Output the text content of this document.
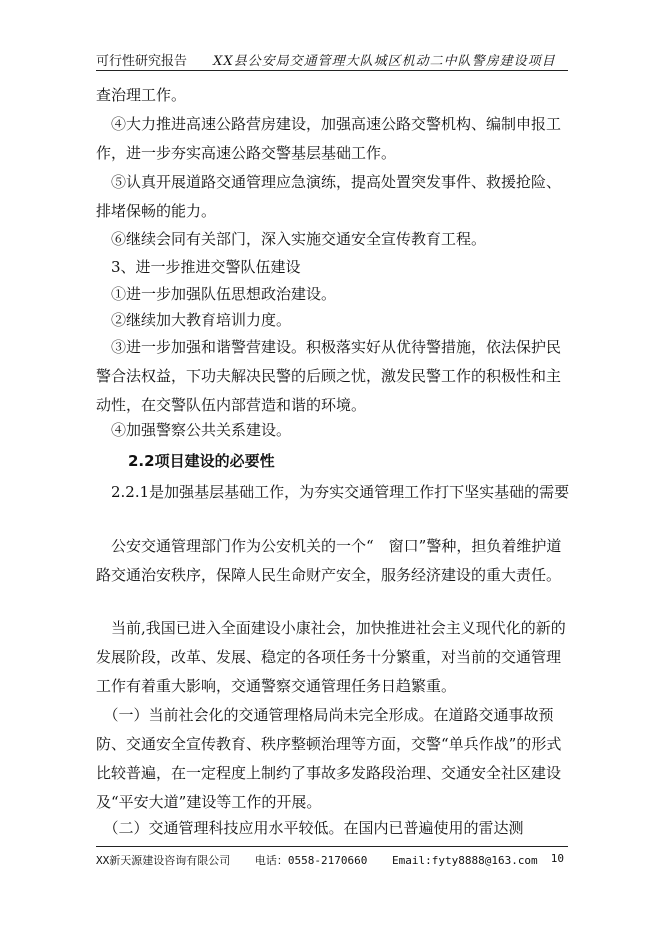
可行性研究报告 XX县公安局交通管理大队城区机动二中队警房建设项目

查治理工作。

　④大力推进高速公路营房建设，加强高速公路交警机构、编制申报工作，进一步夯实高速公路交警基层基础工作。

　⑤认真开展道路交通管理应急演练，提高处置突发事件、救援抢险、排堵保畅的能力。

　⑥继续会同有关部门，深入实施交通安全宣传教育工程。

　3、进一步推进交警队伍建设

　①进一步加强队伍思想政治建设。

　②继续加大教育培训力度。

　③进一步加强和谐警营建设。积极落实好从优待警措施，依法保护民警合法权益，下功夫解决民警的后顾之忧，激发民警工作的积极性和主动性，在交警队伍内部营造和谐的环境。

　④加强警察公共关系建设。

2.2项目建设的必要性

　2.2.1是加强基层基础工作，为夯实交通管理工作打下坚实基础的需要

　公安交通管理部门作为公安机关的一个“　窗口”警种，担负着维护道路交通治安秩序，保障人民生命财产安全，服务经济建设的重大责任。

　当前,我国已进入全面建设小康社会，加快推进社会主义现代化的新的发展阶段，改革、发展、稳定的各项任务十分繁重，对当前的交通管理工作有着重大影响，交通警察交通管理任务日趋繁重。

　（一）当前社会化的交通管理格局尚未完全形成。在道路交通事故预防、交通安全宣传教育、秩序整顿治理等方面，交警“单兵作战”的形式比较普遍，在一定程度上制约了事故多发路段治理、交通安全社区建设及“平安大道”建设等工作的开展。

　（二）交通管理科技应用水平较低。在国内已普遍使用的雷达测

XX新天源建设咨询有限公司 电话：0558-2170660 Email:fyty8888@163.com 10
